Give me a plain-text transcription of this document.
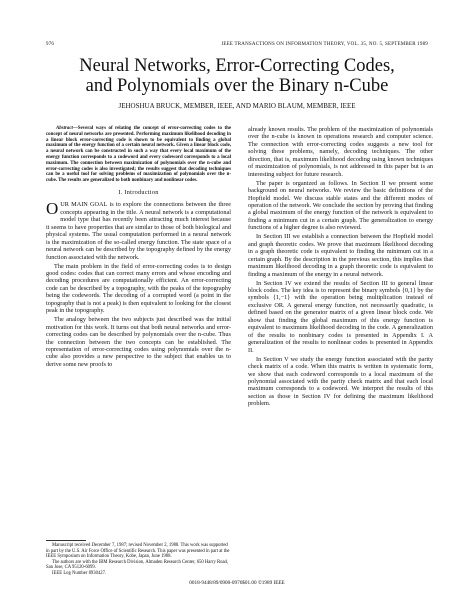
976	IEEE TRANSACTIONS ON INFORMATION THEORY, VOL. 35, NO. 5, SEPTEMBER 1989
Neural Networks, Error-Correcting Codes,
and Polynomials over the Binary n-Cube
JEHOSHUA BRUCK, MEMBER, IEEE, AND MARIO BLAUM, MEMBER, IEEE
Abstract—Several ways of relating the concept of error-correcting codes to the concept of neural networks are presented. Performing maximum likelihood decoding in a linear block error-correcting code is shown to be equivalent to finding a global maximum of the energy function of a certain neural network. Given a linear block code, a neural network can be constructed in such a way that every local maximum of the energy function corresponds to a codeword and every codeword corresponds to a local maximum. The connection between maximization of polynomials over the n-cube and error-correcting codes is also investigated; the results suggest that decoding techniques can be a useful tool for solving problems of maximization of polynomials over the n-cube. The results are generalized to both nonbinary and nonlinear codes.
I. Introduction

OUR MAIN GOAL is to explore the connections between the three concepts appearing in the title. A neural network is a computational model type that has recently been attracting much interest because it seems to have properties that are similar to those of both biological and physical systems. The usual computation performed in a neural network is the maximization of the so-called energy function. The state space of a neural network can be described by the topography defined by the energy function associated with the network.

The main problem in the field of error-correcting codes is to design good codes: codes that can correct many errors and whose encoding and decoding procedures are computationally efficient. An error-correcting code can be described by a topography, with the peaks of the topography being the codewords. The decoding of a corrupted word (a point in the topography that is not a peak) is then equivalent to looking for the closest peak in the topography.

The analogy between the two subjects just described was the initial motivation for this work. It turns out that both neural networks and error-correcting codes can be described by polynomials over the n-cube. Thus the connection between the two concepts can be established. The representation of error-correcting codes using polynomials over the n-cube also provides a new perspective to the subject that enables us to derive some new proofs to

already known results. The problem of the maximization of polynomials over the n-cube is known in operations research and computer science. The connection with error-correcting codes suggests a new tool for solving these problems, namely, decoding techniques. The other direction, that is, maximum likelihood decoding using known techniques of maximization of polynomials, is not addressed in this paper but is an interesting subject for future research.

The paper is organized as follows. In Section II we present some background on neural networks. We review the basic definitions of the Hopfield model. We discuss stable states and the different modes of operation of the network. We conclude the section by proving that finding a global maximum of the energy function of the network is equivalent to finding a minimum cut in a certain graph. The generalization to energy functions of a higher degree is also reviewed.

In Section III we establish a connection between the Hopfield model and graph theoretic codes. We prove that maximum likelihood decoding in a graph theoretic code is equivalent to finding the minimum cut in a certain graph. By the description in the previous section, this implies that maximum likelihood decoding in a graph theoretic code is equivalent to finding a maximum of the energy in a neural network.

In Section IV we extend the results of Section III to general linear block codes. The key idea is to represent the binary symbols {0,1} by the symbols {1,−1} with the operation being multiplication instead of exclusive OR. A general energy function, not necessarily quadratic, is defined based on the generator matrix of a given linear block code. We show that finding the global maximum of this energy function is equivalent to maximum likelihood decoding in the code. A generalization of the results to nonbinary codes is presented in Appendix I. A generalization of the results to nonlinear codes is presented in Appendix II.

In Section V we study the energy function associated with the parity check matrix of a code. When this matrix is written in systematic form, we show that each codeword corresponds to a local maximum of the polynomial associated with the parity check matrix and that each local maximum corresponds to a codeword. We interpret the results of this section as those in Section IV for defining the maximum likelihood problem.

Manuscript received December 7, 1987; revised November 2, 1988. This work was supported in part by the U.S. Air Force Office of Scientific Research. This paper was presented in part at the IEEE Symposium on Information Theory, Kobe, Japan, June 1988.

The authors are with the IBM Research Division, Almaden Research Center, 650 Harry Road, San Jose, CA 95120-6099.

IEEE Log Number 8930427.

0018-9448/89/0900-0976$01.00 ©1989 IEEE
